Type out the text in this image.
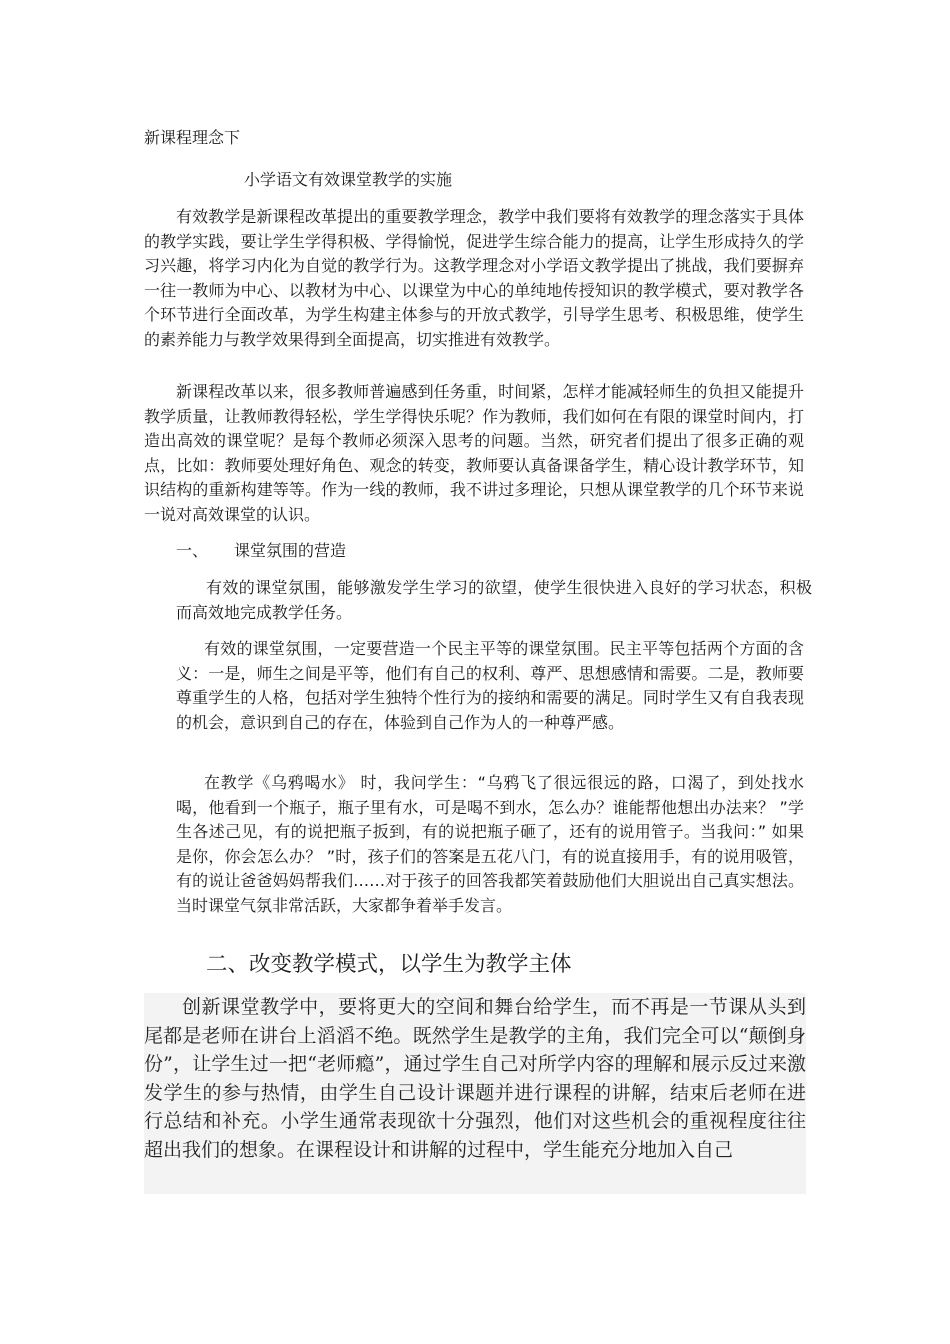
新课程理念下

小学语文有效课堂教学的实施

有效教学是新课程改革提出的重要教学理念，教学中我们要将有效教学的理念落实于具体的教学实践，要让学生学得积极、学得愉悦，促进学生综合能力的提高，让学生形成持久的学习兴趣，将学习内化为自觉的教学行为。这教学理念对小学语文教学提出了挑战，我们要摒弃一往一教师为中心、以教材为中心、以课堂为中心的单纯地传授知识的教学模式，要对教学各个环节进行全面改革，为学生构建主体参与的开放式教学，引导学生思考、积极思维，使学生的素养能力与教学效果得到全面提高，切实推进有效教学。

新课程改革以来，很多教师普遍感到任务重，时间紧，怎样才能减轻师生的负担又能提升教学质量，让教师教得轻松，学生学得快乐呢？作为教师，我们如何在有限的课堂时间内，打造出高效的课堂呢？是每个教师必须深入思考的问题。当然，研究者们提出了很多正确的观点，比如：教师要处理好角色、观念的转变，教师要认真备课备学生，精心设计教学环节，知识结构的重新构建等等。作为一线的教师，我不讲过多理论，只想从课堂教学的几个环节来说一说对高效课堂的认识。

一、	课堂氛围的营造

有效的课堂氛围，能够激发学生学习的欲望，使学生很快进入良好的学习状态，积极而高效地完成教学任务。

有效的课堂氛围，一定要营造一个民主平等的课堂氛围。民主平等包括两个方面的含义：一是，师生之间是平等，他们有自己的权利、尊严、思想感情和需要。二是，教师要尊重学生的人格，包括对学生独特个性行为的接纳和需要的满足。同时学生又有自我表现的机会，意识到自己的存在，体验到自己作为人的一种尊严感。

在教学《乌鸦喝水》 时，我问学生：“乌鸦飞了很远很远的路，口渴了，到处找水喝，他看到一个瓶子，瓶子里有水，可是喝不到水，怎么办？谁能帮他想出办法来？ ”学生各述己见，有的说把瓶子扳到，有的说把瓶子砸了，还有的说用管子。当我问：” 如果是你，你会怎么办？ ”时，孩子们的答案是五花八门，有的说直接用手，有的说用吸管，有的说让爸爸妈妈帮我们……对于孩子的回答我都笑着鼓励他们大胆说出自己真实想法。当时课堂气氛非常活跃，大家都争着举手发言。

二、改变教学模式，以学生为教学主体

创新课堂教学中，要将更大的空间和舞台给学生，而不再是一节课从头到尾都是老师在讲台上滔滔不绝。既然学生是教学的主角，我们完全可以“颠倒身份”，让学生过一把“老师瘾”，通过学生自己对所学内容的理解和展示反过来激发学生的参与热情，由学生自己设计课题并进行课程的讲解，结束后老师在进行总结和补充。小学生通常表现欲十分强烈，他们对这些机会的重视程度往往超出我们的想象。在课程设计和讲解的过程中，学生能充分地加入自己
